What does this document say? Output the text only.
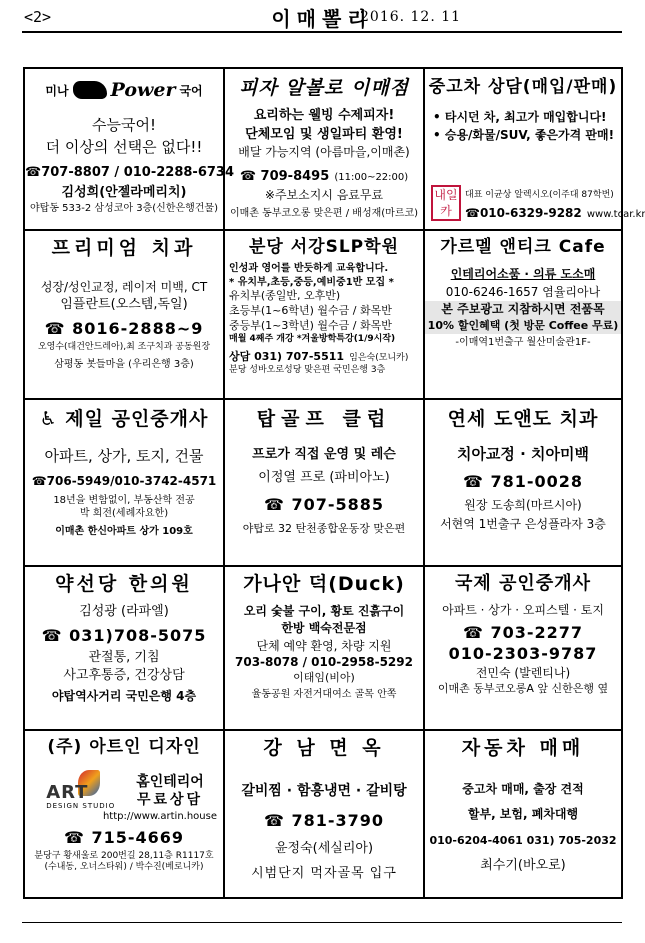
<2>	이매뽈리
2016. 12. 11
미나 Power 국어
수능국어!
더 이상의 선택은 없다!!
☎707-8807 / 010-2288-6734
김성희(안젤라메리치)
야탑동 533-2 삼성코아 3층(신한은행건물)
피자 알볼로 이매점
요리하는 웰빙 수제피자!
단체모임 및 생일파티 환영!
배달 가능지역 (아름마을,이매촌)
☎ 709-8495 (11:00~22:00)
※주보소지시 음료무료
이매촌 동부코오롱 맞은편 / 배성재(마르코)
중고차 상담(매입/판매)
• 타시던 차, 최고가 매입합니다!
• 승용/화물/SUV, 좋은가격 판매!
내일카
대표 이균상 알렉시오(이주대 87학번)
☎010-6329-9282 www.tcar.kr
프리미엄 치과
성장/성인교정, 레이저 미백, CT
임플란트(오스템,독일)
☎ 8016-2888~9
오영수(대건안드레아),최 조구치과 공동원장
삼평동 봇들마을 (우리은행 3층)
분당 서강SLP학원
인성과 영어를 반듯하게 교육합니다.
* 유치부,초등,중등,예비중1반 모집 *
유치부(종일반, 오후반)
초등부(1~6학년) 월수금 / 화목반
중등부(1~3학년) 월수금 / 화목반
매월 4째주 개강 *겨울방학특강(1/9시작)
상담 031) 707-5511 임은숙(모니카)
분당 성바오로성당 맞은편 국민은행 3층
가르멜 앤티크 Cafe
인테리어소품 · 의류 도소매
010-6246-1657 염율리아나
본 주보광고 지참하시면 전품목
10% 할인혜택 (첫 방문 Coffee 무료)
-이매역1번출구 월산미술관1F-
♿ 제일 공인중개사
아파트, 상가, 토지, 건물
☎706-5949/010-3742-4571
18년을 변함없이, 부동산학 전공
박 희전(세례자요한)
이매촌 한신아파트 상가 109호
탑골프 클럽
프로가 직접 운영 및 레슨
이정열 프로 (파비아노)
☎ 707-5885
야탑로 32 탄천종합운동장 맞은편
연세 도앤도 치과
치아교정 · 치아미백
☎ 781-0028
원장 도송희(마르시아)
서현역 1번출구 은성플라자 3층
약선당 한의원
김성광 (라파엘)
☎ 031)708-5075
관절통, 기침
사고후통증, 건강상담
야탑역사거리 국민은행 4층
가나안 덕(Duck)
오리 숯불 구이, 황토 진흙구이
한방 백숙전문점
단체 예약 환영, 차량 지원
703-8078 / 010-2958-5292
이태임(비아)
율동공원 자전거대여소 골목 안쪽
국제 공인중개사
아파트 · 상가 · 오피스텔 · 토지
☎ 703-2277
010-2303-9787
전민숙 (발렌티나)
이매촌 동부코오롱A 앞 신한은행 옆
(주) 아트인 디자인
ART
DESIGN STUDIO
홈인테리어
무료상담
http://www.artin.house
☎ 715-4669
분당구 황새울로 200번길 28,11층 R1117호
(수내동, 오너스타워) / 박수진(베로니카)
강 남 면 옥
갈비찜 · 함흥냉면 · 갈비탕
☎ 781-3790
윤정숙(세실리아)
시범단지 먹자골목 입구
자동차 매매
중고차 매매, 출장 견적
할부, 보험, 폐차대행
010-6204-4061 031) 705-2032
최수기(바오로)
